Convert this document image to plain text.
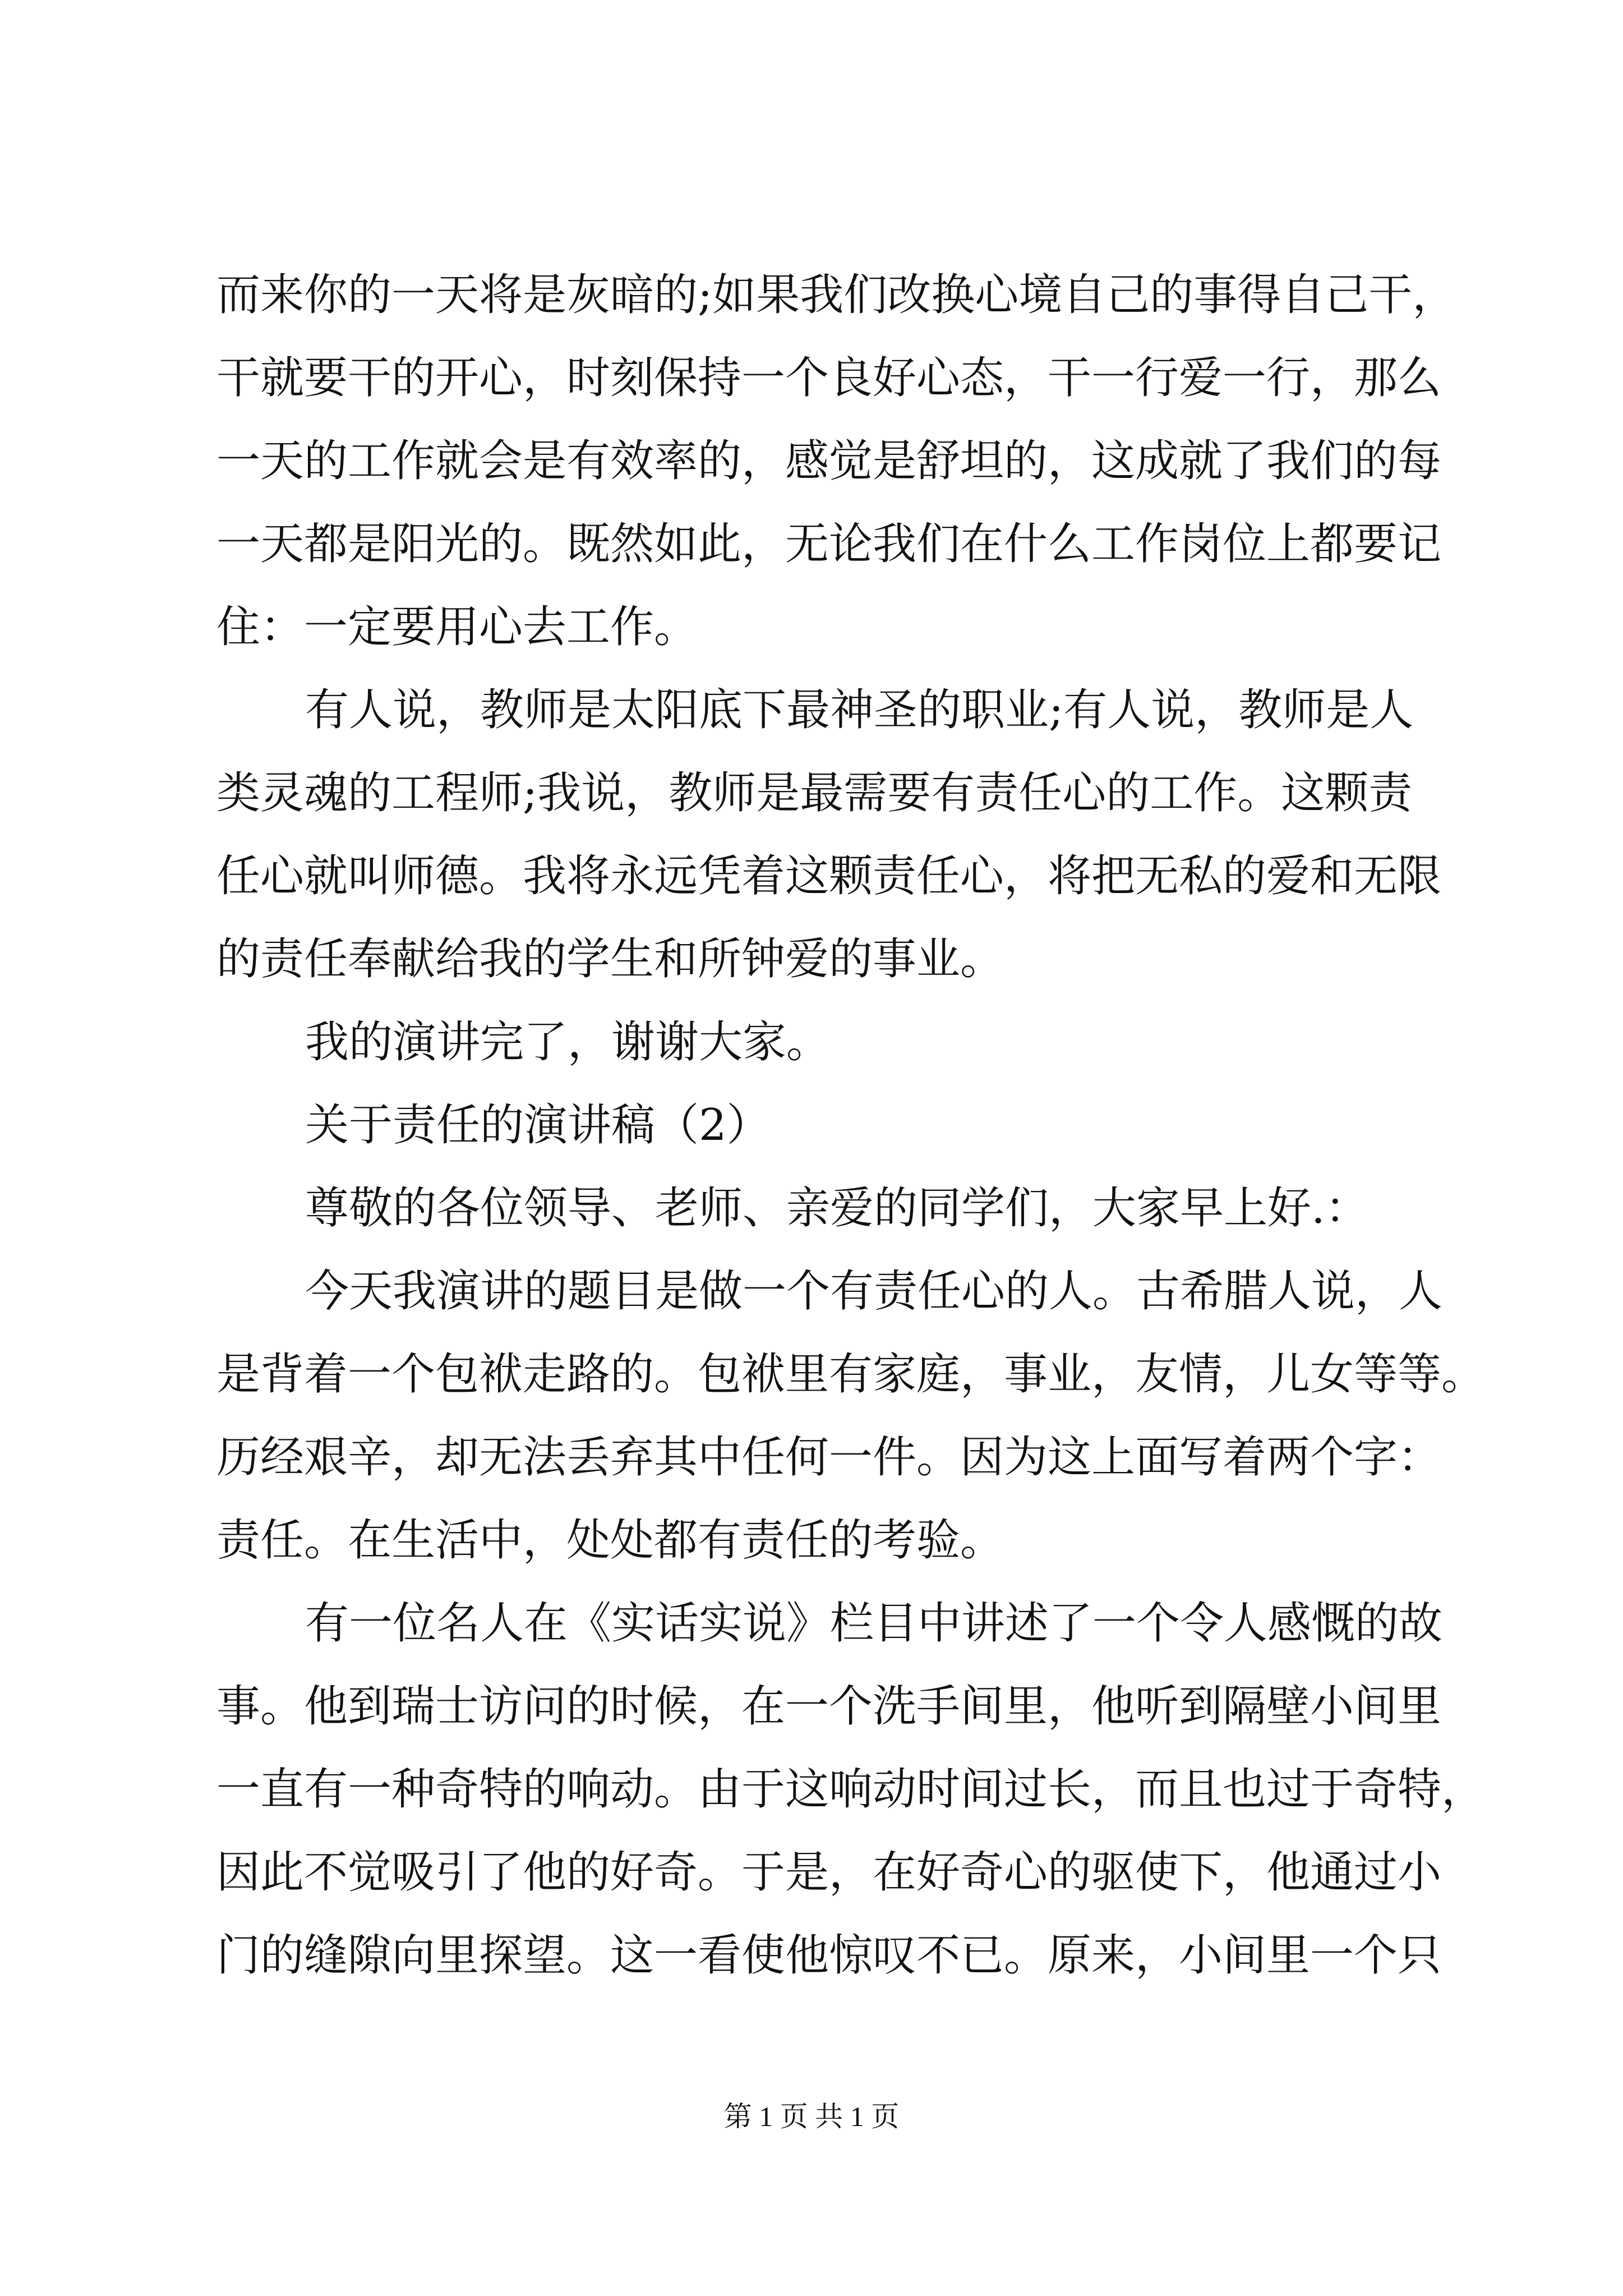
而来你的一天将是灰暗的;如果我们改换心境自己的事得自己干，
干就要干的开心，时刻保持一个良好心态，干一行爱一行，那么
一天的工作就会是有效率的，感觉是舒坦的，这成就了我们的每
一天都是阳光的。既然如此，无论我们在什么工作岗位上都要记
住：一定要用心去工作。
有人说，教师是太阳底下最神圣的职业;有人说，教师是人
类灵魂的工程师;我说，教师是最需要有责任心的工作。这颗责
任心就叫师德。我将永远凭着这颗责任心，将把无私的爱和无限
的责任奉献给我的学生和所钟爱的事业。
我的演讲完了，谢谢大家。
关于责任的演讲稿（2）
尊敬的各位领导、老师、亲爱的同学们，大家早上好.：
今天我演讲的题目是做一个有责任心的人。古希腊人说，人
是背着一个包袱走路的。包袱里有家庭，事业，友情，儿女等等。
历经艰辛，却无法丢弃其中任何一件。因为这上面写着两个字：
责任。在生活中，处处都有责任的考验。
有一位名人在《实话实说》栏目中讲述了一个令人感慨的故
事。他到瑞士访问的时候，在一个洗手间里，他听到隔壁小间里
一直有一种奇特的响动。由于这响动时间过长，而且也过于奇特，
因此不觉吸引了他的好奇。于是，在好奇心的驱使下，他通过小
门的缝隙向里探望。这一看使他惊叹不已。原来，小间里一个只
第 1 页 共 1 页
